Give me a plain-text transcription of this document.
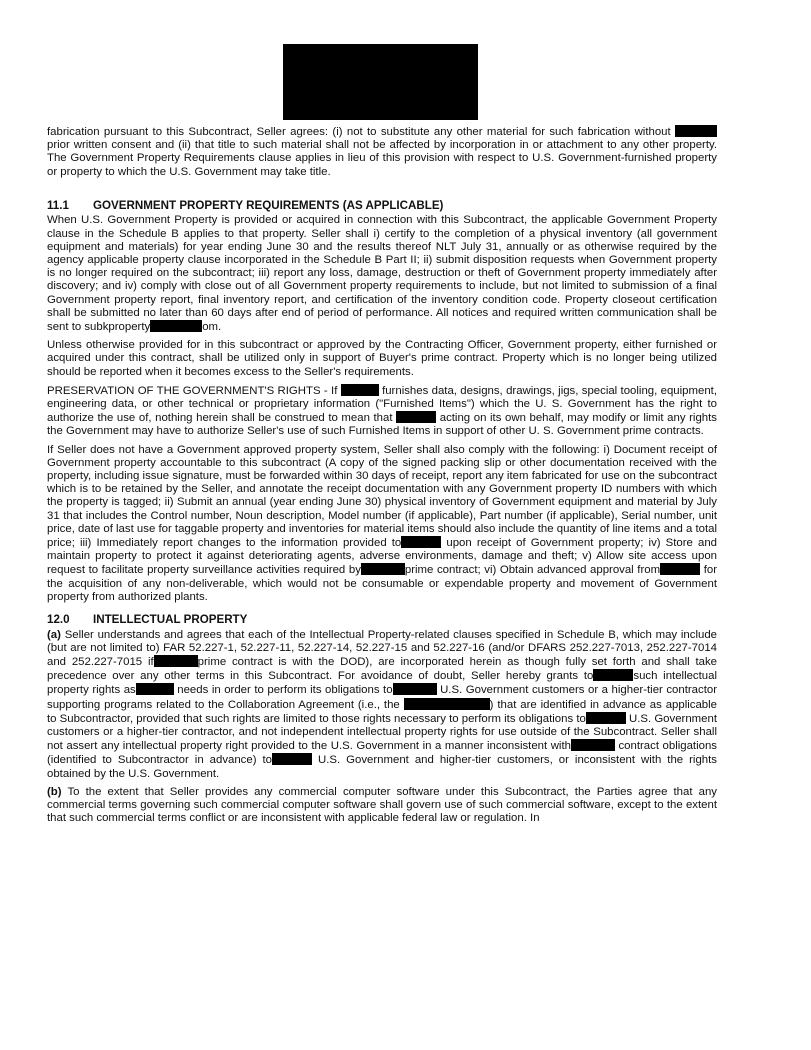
fabrication pursuant to this Subcontract, Seller agrees: (i) not to substitute any other material for such fabrication without prior written consent and (ii) that title to such material shall not be affected by incorporation in or attachment to any other property. The Government Property Requirements clause applies in lieu of this provision with respect to U.S. Government-furnished property or property to which the U.S. Government may take title.

11.1 GOVERNMENT PROPERTY REQUIREMENTS (AS APPLICABLE)

When U.S. Government Property is provided or acquired in connection with this Subcontract, the applicable Government Property clause in the Schedule B applies to that property. Seller shall i) certify to the completion of a physical inventory (all government equipment and materials) for year ending June 30 and the results thereof NLT July 31, annually or as otherwise required by the agency applicable property clause incorporated in the Schedule B Part II; ii) submit disposition requests when Government property is no longer required on the subcontract; iii) report any loss, damage, destruction or theft of Government property immediately after discovery; and iv) comply with close out of all Government property requirements to include, but not limited to submission of a final Government property report, final inventory report, and certification of the inventory condition code. Property closeout certification shall be submitted no later than 60 days after end of period of performance. All notices and required written communication shall be sent to subkproperty	om.

Unless otherwise provided for in this subcontract or approved by the Contracting Officer, Government property, either furnished or acquired under this contract, shall be utilized only in support of Buyer's prime contract. Property which is no longer being utilized should be reported when it becomes excess to the Seller's requirements.

PRESERVATION OF THE GOVERNMENT'S RIGHTS - If	furnishes data, designs, drawings, jigs, special tooling, equipment, engineering data, or other technical or proprietary information ("Furnished Items") which the U. S. Government has the right to authorize the use of, nothing herein shall be construed to mean that	acting on its own behalf, may modify or limit any rights the Government may have to authorize Seller's use of such Furnished Items in support of other U. S. Government prime contracts.

If Seller does not have a Government approved property system, Seller shall also comply with the following: i) Document receipt of Government property accountable to this subcontract (A copy of the signed packing slip or other documentation received with the property, including issue signature, must be forwarded within 30 days of receipt, report any item fabricated for use on the subcontract which is to be retained by the Seller, and annotate the receipt documentation with any Government property ID numbers with which the property is tagged; ii) Submit an annual (year ending June 30) physical inventory of Government equipment and material by July 31 that includes the Control number, Noun description, Model number (if applicable), Part number (if applicable), Serial number, unit price, date of last use for taggable property and inventories for material items should also include the quantity of line items and a total price; iii) Immediately report changes to the information provided to	upon receipt of Government property; iv) Store and maintain property to protect it against deteriorating agents, adverse environments, damage and theft; v) Allow site access upon request to facilitate property surveillance activities required by	prime contract; vi) Obtain advanced approval from	for the acquisition of any non-deliverable, which would not be consumable or expendable property and movement of Government property from authorized plants.

12.0 INTELLECTUAL PROPERTY

(a) Seller understands and agrees that each of the Intellectual Property-related clauses specified in Schedule B, which may include (but are not limited to) FAR 52.227-1, 52.227-11, 52.227-14, 52.227-15 and 52.227-16 (and/or DFARS 252.227-7013, 252.227-7014 and 252.227-7015 if	prime contract is with the DOD), are incorporated herein as though fully set forth and shall take precedence over any other terms in this Subcontract. For avoidance of doubt, Seller hereby grants to	such intellectual property rights as	needs in order to perform its obligations to	U.S. Government customers or a higher-tier contractor supporting programs related to the Collaboration Agreement (i.e., the	) that are identified in advance as applicable to Subcontractor, provided that such rights are limited to those rights necessary to perform its obligations to	U.S. Government customers or a higher-tier contractor, and not independent intellectual property rights for use outside of the Subcontract. Seller shall not assert any intellectual property right provided to the U.S. Government in a manner inconsistent with	contract obligations (identified to Subcontractor in advance) to	U.S. Government and higher-tier customers, or inconsistent with the rights obtained by the U.S. Government.

(b) To the extent that Seller provides any commercial computer software under this Subcontract, the Parties agree that any commercial terms governing such commercial computer software shall govern use of such commercial software, except to the extent that such commercial terms conflict or are inconsistent with applicable federal law or regulation. In
